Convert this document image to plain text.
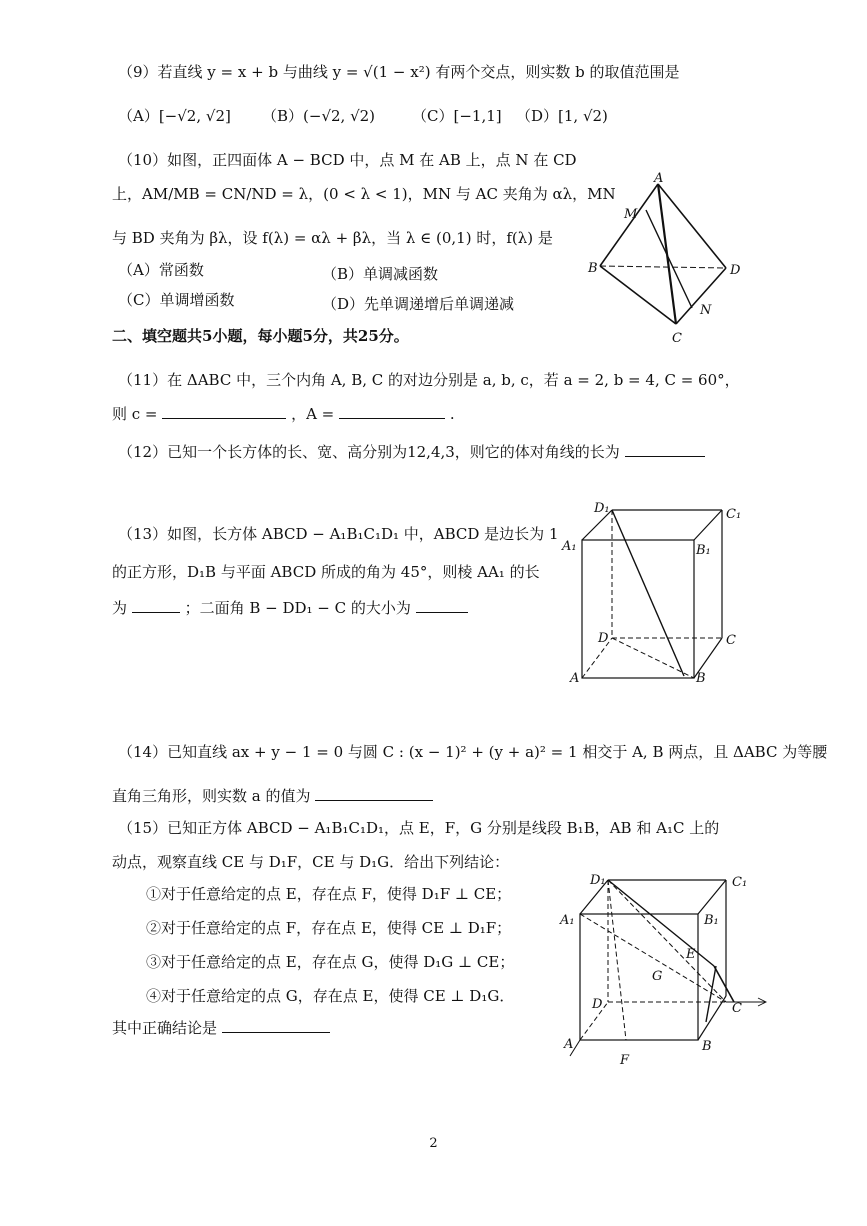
（9）若直线 y = x + b 与曲线 y = √(1 − x²) 有两个交点，则实数 b 的取值范围是
（A）[−√2, √2] （B）(−√2, √2) （C）[−1,1] （D）[1, √2)
（10）如图，正四面体 A − BCD 中，点 M 在 AB 上，点 N 在 CD
上，AM/MB = CN/ND = λ，(0 < λ < 1)，MN 与 AC 夹角为 αλ，MN
与 BD 夹角为 βλ，设 f(λ) = αλ + βλ，当 λ ∈ (0,1) 时，f(λ) 是
（A）常函数	（B）单调减函数
（C）单调增函数	（D）先单调递增后单调递减
A
M
B	D
N
C
二、填空题共5小题，每小题5分，共25分。
（11）在 ΔABC 中，三个内角 A, B, C 的对边分别是 a, b, c，若 a = 2, b = 4, C = 60°，
则 c =	，A =	.
（12）已知一个长方体的长、宽、高分别为12,4,3，则它的体对角线的长为
（13）如图，长方体 ABCD − A₁B₁C₁D₁ 中，ABCD 是边长为 1
的正方形，D₁B 与平面 ABCD 所成的角为 45°，则棱 AA₁ 的长
为	；二面角 B − DD₁ − C 的大小为
D₁	C₁
A₁	B₁
D	C
A	B
（14）已知直线 ax + y − 1 = 0 与圆 C : (x − 1)² + (y + a)² = 1 相交于 A, B 两点，且 ΔABC 为等腰
直角三角形，则实数 a 的值为
（15）已知正方体 ABCD − A₁B₁C₁D₁，点 E，F，G 分别是线段 B₁B，AB 和 A₁C 上的
动点，观察直线 CE 与 D₁F，CE 与 D₁G．给出下列结论：
①对于任意给定的点 E，存在点 F，使得 D₁F ⊥ CE；
②对于任意给定的点 F，存在点 E，使得 CE ⊥ D₁F；
③对于任意给定的点 E，存在点 G，使得 D₁G ⊥ CE；
④对于任意给定的点 G，存在点 E，使得 CE ⊥ D₁G．
其中正确结论是
D₁	C₁
A₁	B₁
E
G
D	C
A	B
F
2
